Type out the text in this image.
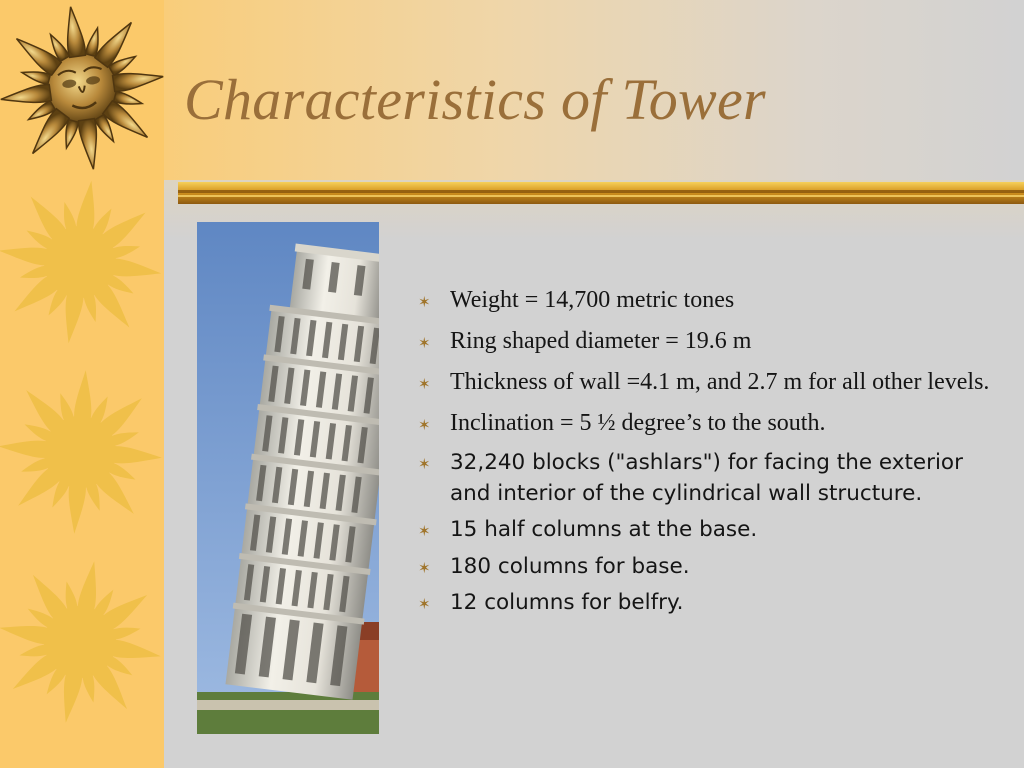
Characteristics of Tower
✶ Weight = 14,700 metric tones
✶ Ring shaped diameter = 19.6 m
✶ Thickness of wall =4.1 m, and 2.7 m for all other levels.
✶ Inclination = 5 ½ degree’s to the south.
✶ 32,240 blocks ("ashlars") for facing the exterior and interior of the cylindrical wall structure.
✶ 15 half columns at the base.
✶ 180 columns for base.
✶ 12 columns for belfry.
